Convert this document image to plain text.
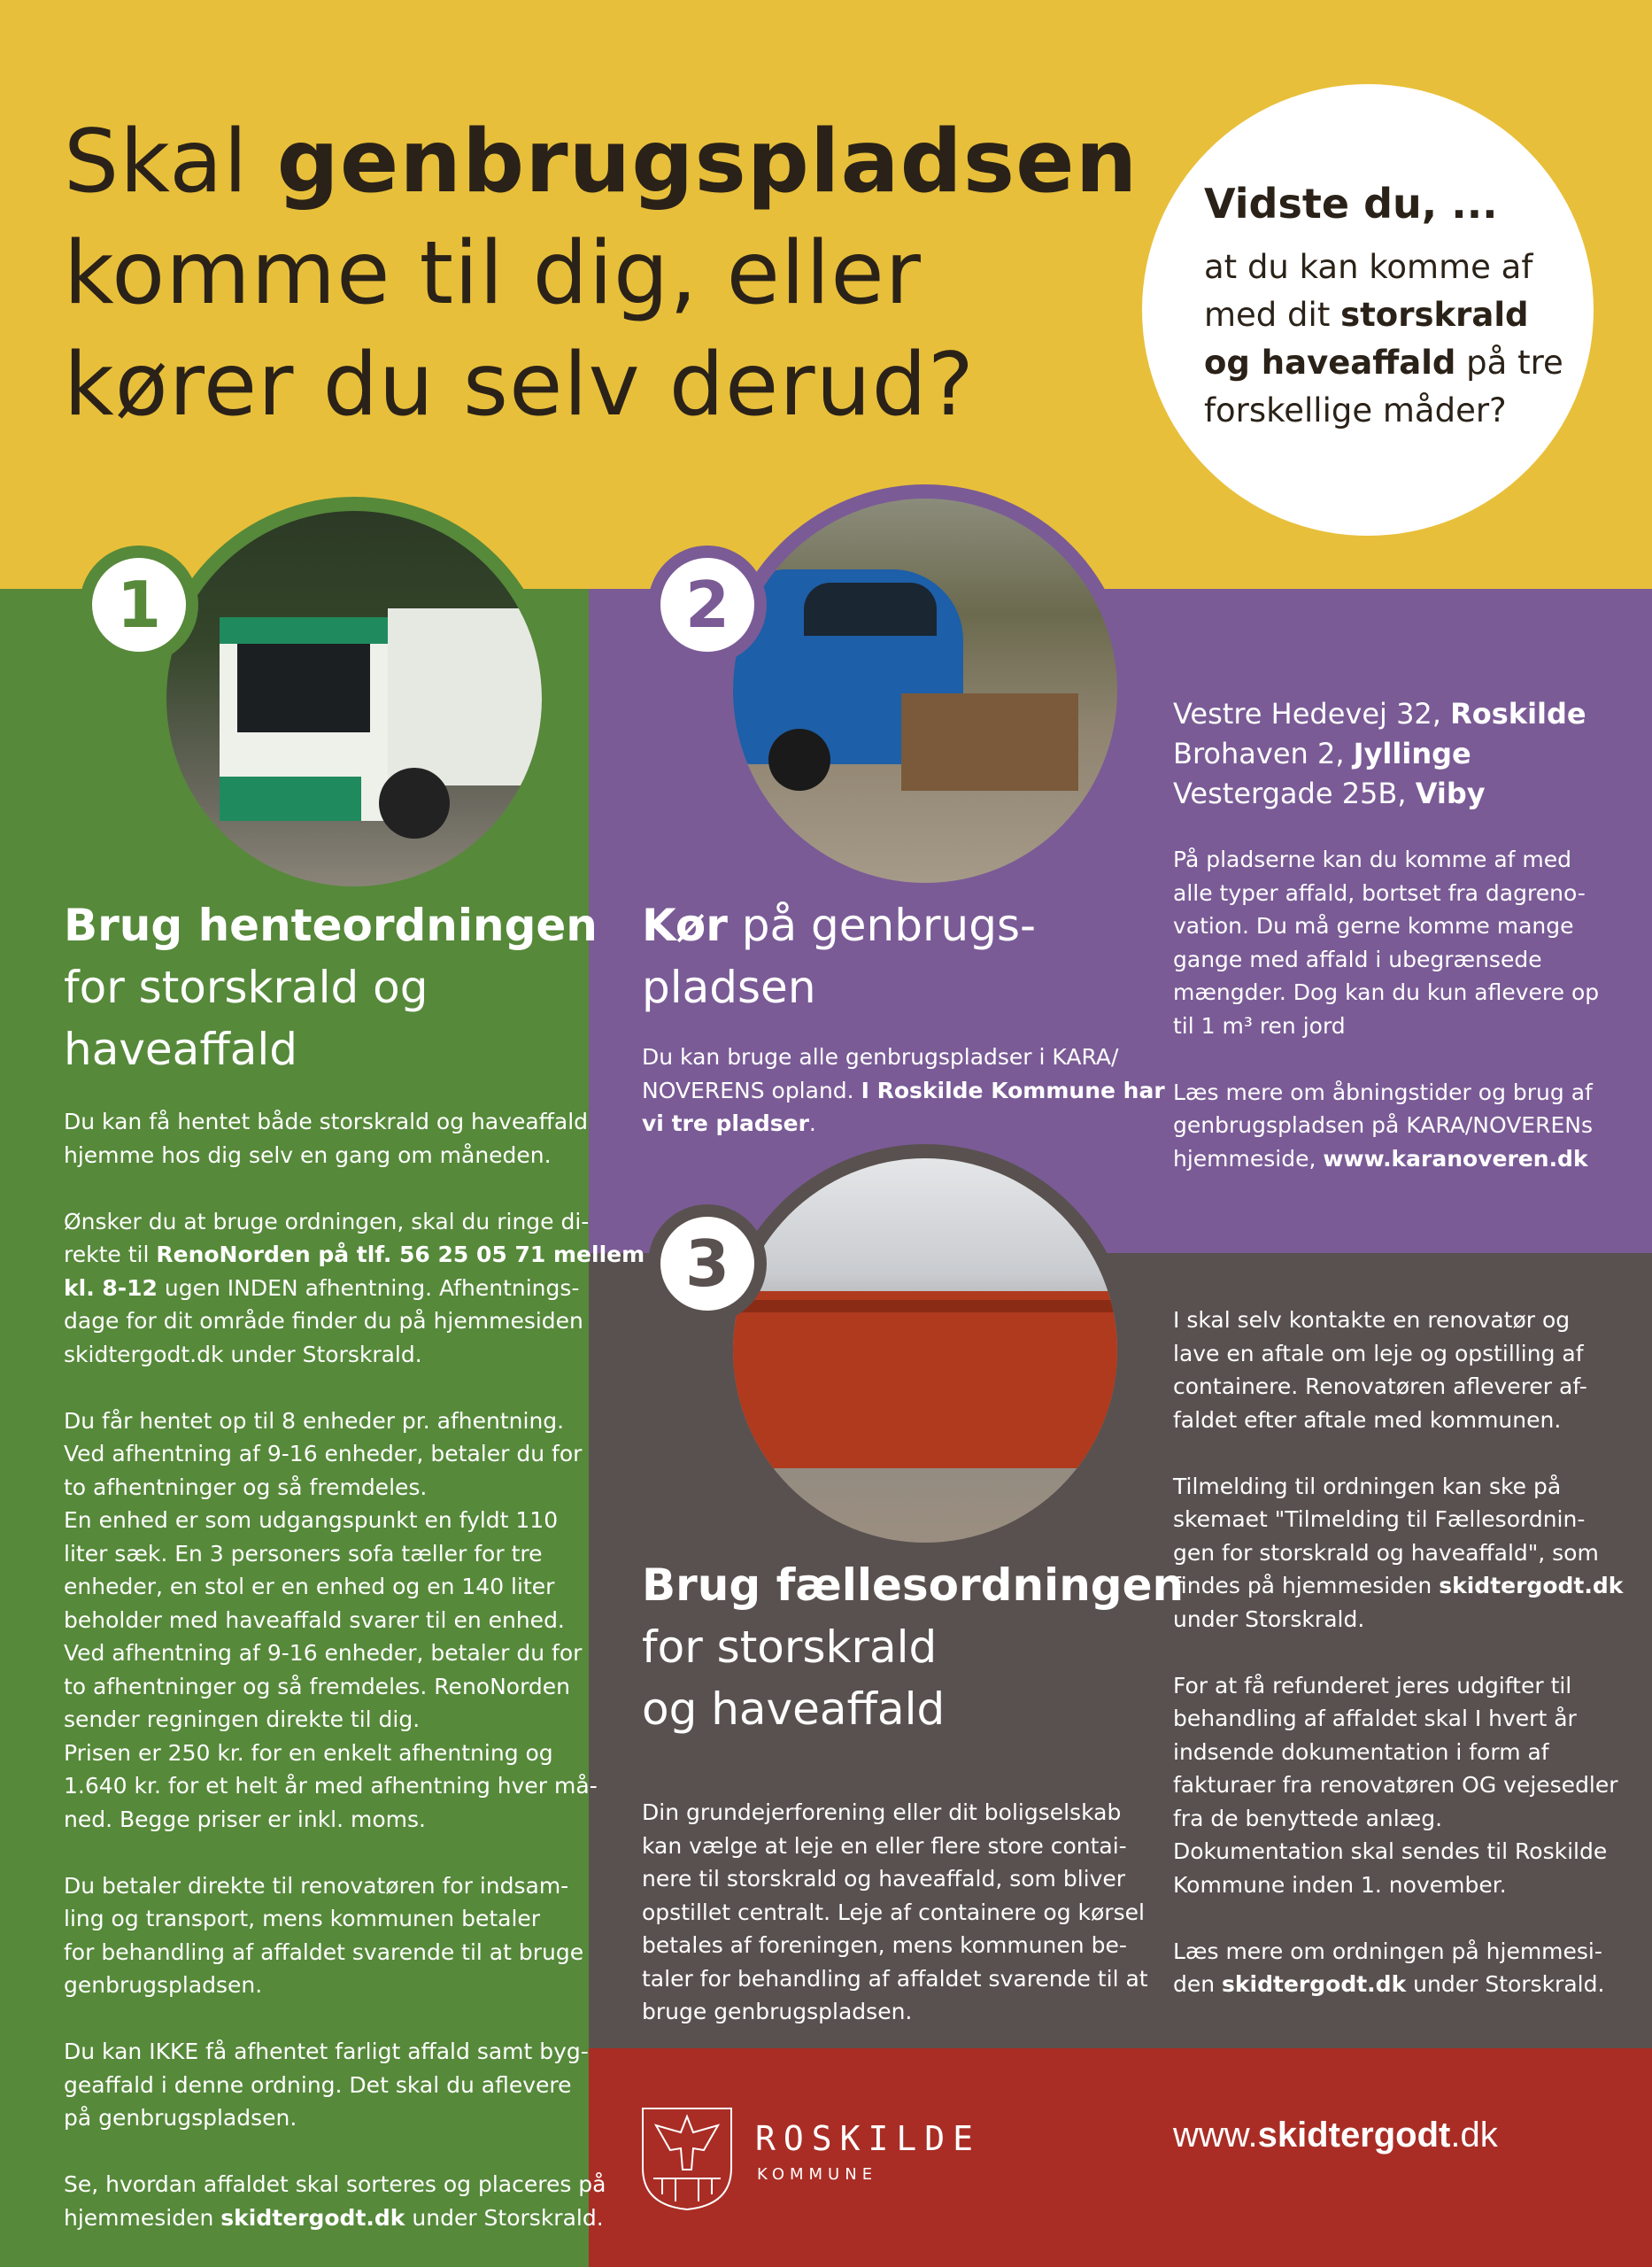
Skal genbrugspladsen
komme til dig, eller
kører du selv derud?
Vidste du, ...
at du kan komme af
med dit storskrald
og haveaffald på tre
forskellige måder?
1
Brug henteordningen
for storskrald og
haveaffald
Du kan få hentet både storskrald og haveaffald
hjemme hos dig selv en gang om måneden.

Ønsker du at bruge ordningen, skal du ringe di-
rekte til RenoNorden på tlf. 56 25 05 71 mellem
kl. 8-12 ugen INDEN afhentning. Afhentnings-
dage for dit område finder du på hjemmesiden
skidtergodt.dk under Storskrald.

Du får hentet op til 8 enheder pr. afhentning.
Ved afhentning af 9-16 enheder, betaler du for
to afhentninger og så fremdeles.
En enhed er som udgangspunkt en fyldt 110
liter sæk. En 3 personers sofa tæller for tre
enheder, en stol er en enhed og en 140 liter
beholder med haveaffald svarer til en enhed.
Ved afhentning af 9-16 enheder, betaler du for
to afhentninger og så fremdeles. RenoNorden
sender regningen direkte til dig.
Prisen er 250 kr. for en enkelt afhentning og
1.640 kr. for et helt år med afhentning hver må-
ned. Begge priser er inkl. moms.

Du betaler direkte til renovatøren for indsam-
ling og transport, mens kommunen betaler
for behandling af affaldet svarende til at bruge
genbrugspladsen.

Du kan IKKE få afhentet farligt affald samt byg-
geaffald i denne ordning. Det skal du aflevere
på genbrugspladsen.

Se, hvordan affaldet skal sorteres og placeres på
hjemmesiden skidtergodt.dk under Storskrald.
2
Kør på genbrugs-
pladsen
Du kan bruge alle genbrugspladser i KARA/
NOVERENS opland. I Roskilde Kommune har
vi tre pladser.
Vestre Hedevej 32, Roskilde
Brohaven 2, Jyllinge
Vestergade 25B, Viby
På pladserne kan du komme af med
alle typer affald, bortset fra dagreno-
vation. Du må gerne komme mange
gange med affald i ubegrænsede
mængder. Dog kan du kun aflevere op
til 1 m³ ren jord

Læs mere om åbningstider og brug af
genbrugspladsen på KARA/NOVERENs
hjemmeside, www.karanoveren.dk
3
Brug fællesordningen
for storskrald
og haveaffald
Din grundejerforening eller dit boligselskab
kan vælge at leje en eller flere store contai-
nere til storskrald og haveaffald, som bliver
opstillet centralt. Leje af containere og kørsel
betales af foreningen, mens kommunen be-
taler for behandling af affaldet svarende til at
bruge genbrugspladsen.
I skal selv kontakte en renovatør og
lave en aftale om leje og opstilling af
containere. Renovatøren afleverer af-
faldet efter aftale med kommunen.

Tilmelding til ordningen kan ske på
skemaet "Tilmelding til Fællesordnin-
gen for storskrald og haveaffald", som
findes på hjemmesiden skidtergodt.dk
under Storskrald.

For at få refunderet jeres udgifter til
behandling af affaldet skal I hvert år
indsende dokumentation i form af
fakturaer fra renovatøren OG vejesedler
fra de benyttede anlæg.
Dokumentation skal sendes til Roskilde
Kommune inden 1. november.

Læs mere om ordningen på hjemmesi-
den skidtergodt.dk under Storskrald.
ROSKILDE
KOMMUNE
www.skidtergodt.dk
